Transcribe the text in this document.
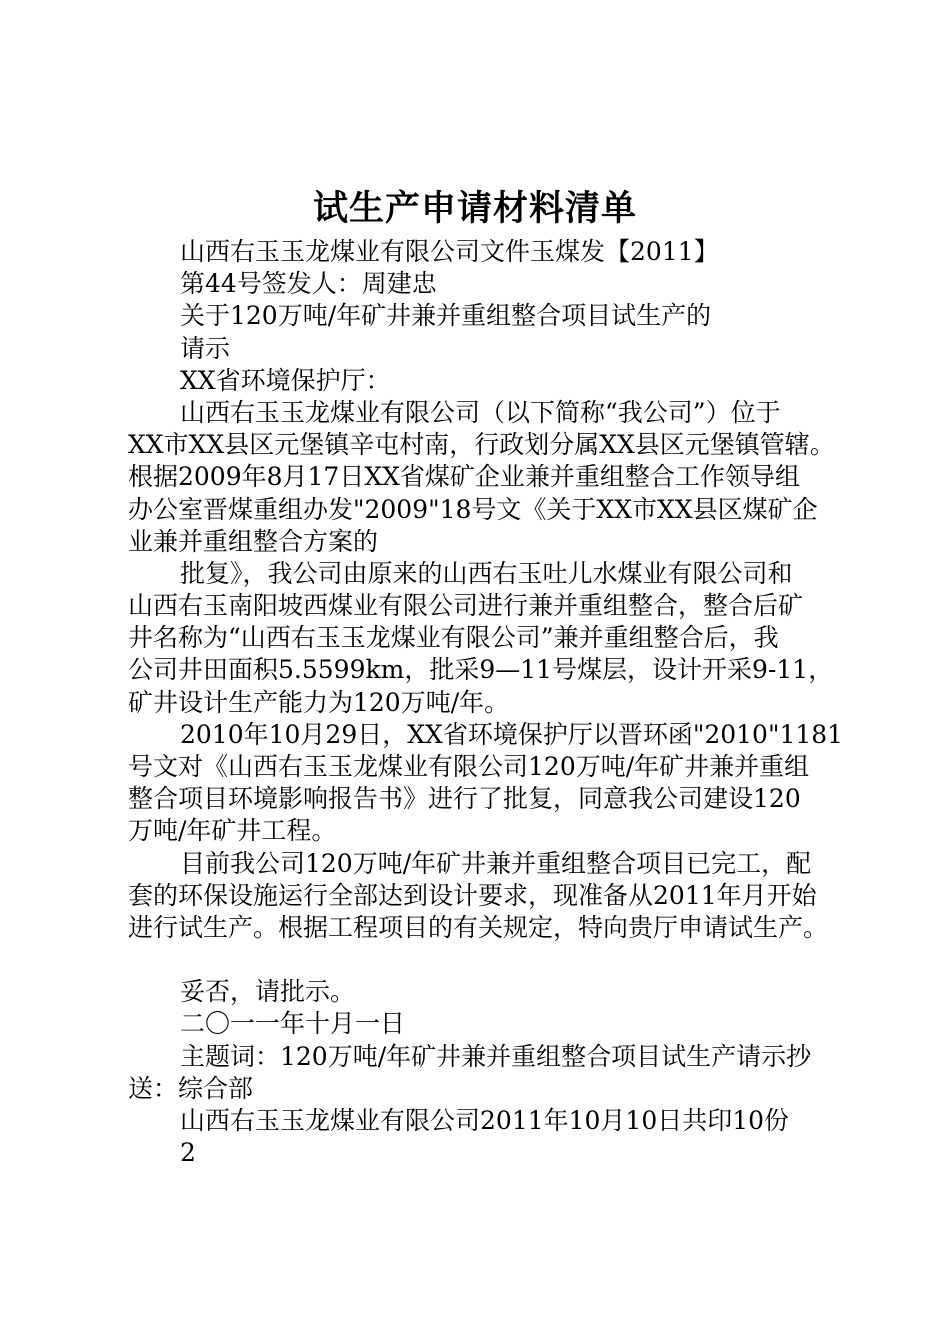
试生产申请材料清单
山西右玉玉龙煤业有限公司文件玉煤发【2011】
第44号签发人：周建忠
关于120万吨/年矿井兼并重组整合项目试生产的
请示
XX省环境保护厅：
山西右玉玉龙煤业有限公司（以下简称“我公司”）位于
XX市XX县区元堡镇辛屯村南，行政划分属XX县区元堡镇管辖。
根据2009年8月17日XX省煤矿企业兼并重组整合工作领导组
办公室晋煤重组办发"2009"18号文《关于XX市XX县区煤矿企
业兼并重组整合方案的
批复》，我公司由原来的山西右玉吐儿水煤业有限公司和
山西右玉南阳坡西煤业有限公司进行兼并重组整合，整合后矿
井名称为“山西右玉玉龙煤业有限公司”兼并重组整合后，我
公司井田面积5.5599km，批采9—11号煤层，设计开采9-11，
矿井设计生产能力为120万吨/年。
2010年10月29日，XX省环境保护厅以晋环函"2010"1181
号文对《山西右玉玉龙煤业有限公司120万吨/年矿井兼并重组
整合项目环境影响报告书》进行了批复，同意我公司建设120
万吨/年矿井工程。
目前我公司120万吨/年矿井兼并重组整合项目已完工，配
套的环保设施运行全部达到设计要求，现准备从2011年月开始
进行试生产。根据工程项目的有关规定，特向贵厅申请试生产。
妥否，请批示。
二〇一一年十月一日
主题词：120万吨/年矿井兼并重组整合项目试生产请示抄
送：综合部
山西右玉玉龙煤业有限公司2011年10月10日共印10份
2
